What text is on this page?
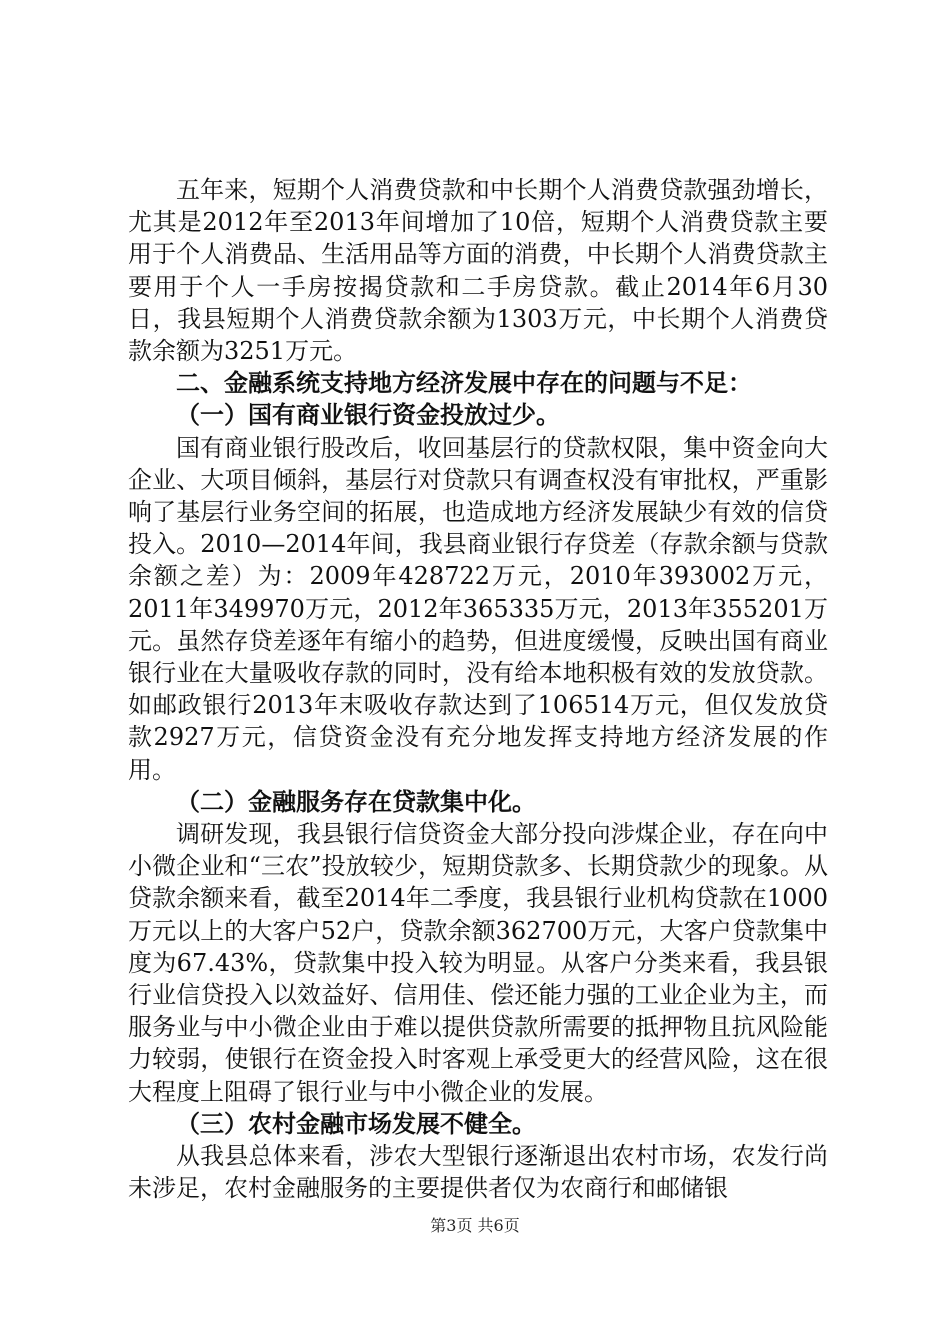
五年来，短期个人消费贷款和中长期个人消费贷款强劲增长，尤其是2012年至2013年间增加了10倍，短期个人消费贷款主要用于个人消费品、生活用品等方面的消费，中长期个人消费贷款主要用于个人一手房按揭贷款和二手房贷款。截止2014年6月30日，我县短期个人消费贷款余额为1303万元，中长期个人消费贷款余额为3251万元。

二、金融系统支持地方经济发展中存在的问题与不足：

（一）国有商业银行资金投放过少。

国有商业银行股改后，收回基层行的贷款权限，集中资金向大企业、大项目倾斜，基层行对贷款只有调查权没有审批权，严重影响了基层行业务空间的拓展，也造成地方经济发展缺少有效的信贷投入。2010—2014年间，我县商业银行存贷差（存款余额与贷款余额之差）为：2009年428722万元，2010年393002万元，2011年349970万元，2012年365335万元，2013年355201万元。虽然存贷差逐年有缩小的趋势，但进度缓慢，反映出国有商业银行业在大量吸收存款的同时，没有给本地积极有效的发放贷款。如邮政银行2013年末吸收存款达到了106514万元，但仅发放贷款2927万元，信贷资金没有充分地发挥支持地方经济发展的作用。

（二）金融服务存在贷款集中化。

调研发现，我县银行信贷资金大部分投向涉煤企业，存在向中小微企业和“三农”投放较少，短期贷款多、长期贷款少的现象。从贷款余额来看，截至2014年二季度，我县银行业机构贷款在1000万元以上的大客户52户，贷款余额362700万元，大客户贷款集中度为67.43%，贷款集中投入较为明显。从客户分类来看，我县银行业信贷投入以效益好、信用佳、偿还能力强的工业企业为主，而服务业与中小微企业由于难以提供贷款所需要的抵押物且抗风险能力较弱，使银行在资金投入时客观上承受更大的经营风险，这在很大程度上阻碍了银行业与中小微企业的发展。

（三）农村金融市场发展不健全。

从我县总体来看，涉农大型银行逐渐退出农村市场，农发行尚未涉足，农村金融服务的主要提供者仅为农商行和邮储银

第3页 共6页
